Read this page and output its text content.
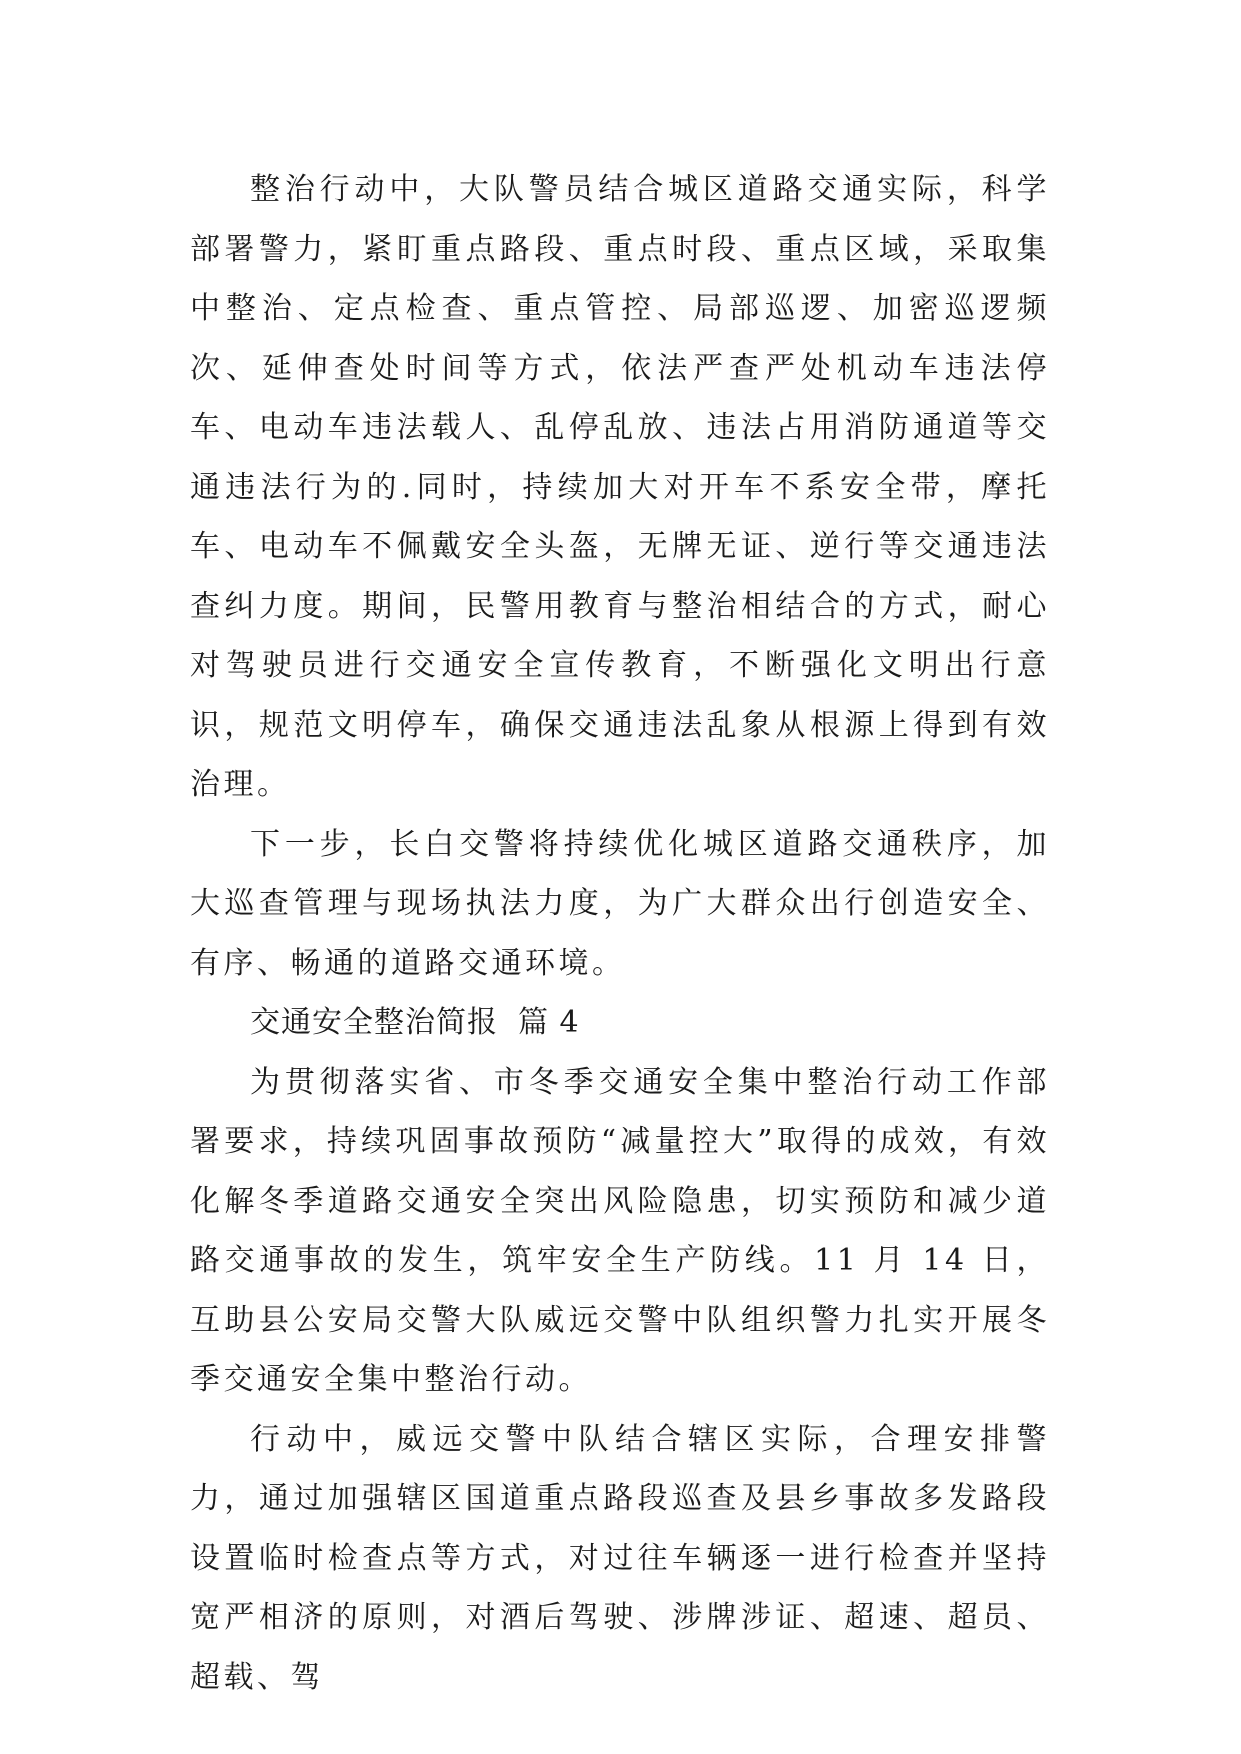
整治行动中，大队警员结合城区道路交通实际，科学部署警力，紧盯重点路段、重点时段、重点区域，采取集中整治、定点检查、重点管控、局部巡逻、加密巡逻频次、延伸查处时间等方式，依法严查严处机动车违法停车、电动车违法载人、乱停乱放、违法占用消防通道等交通违法行为的.同时，持续加大对开车不系安全带，摩托车、电动车不佩戴安全头盔，无牌无证、逆行等交通违法查纠力度。期间，民警用教育与整治相结合的方式，耐心对驾驶员进行交通安全宣传教育，不断强化文明出行意识，规范文明停车，确保交通违法乱象从根源上得到有效治理。

下一步，长白交警将持续优化城区道路交通秩序，加大巡查管理与现场执法力度，为广大群众出行创造安全、有序、畅通的道路交通环境。

交通安全整治简报 篇 4

为贯彻落实省、市冬季交通安全集中整治行动工作部署要求，持续巩固事故预防“减量控大”取得的成效，有效化解冬季道路交通安全突出风险隐患，切实预防和减少道路交通事故的发生，筑牢安全生产防线。11 月 14 日，互助县公安局交警大队威远交警中队组织警力扎实开展冬季交通安全集中整治行动。

行动中，威远交警中队结合辖区实际，合理安排警力，通过加强辖区国道重点路段巡查及县乡事故多发路段设置临时检查点等方式，对过往车辆逐一进行检查并坚持宽严相济的原则，对酒后驾驶、涉牌涉证、超速、超员、超载、驾
